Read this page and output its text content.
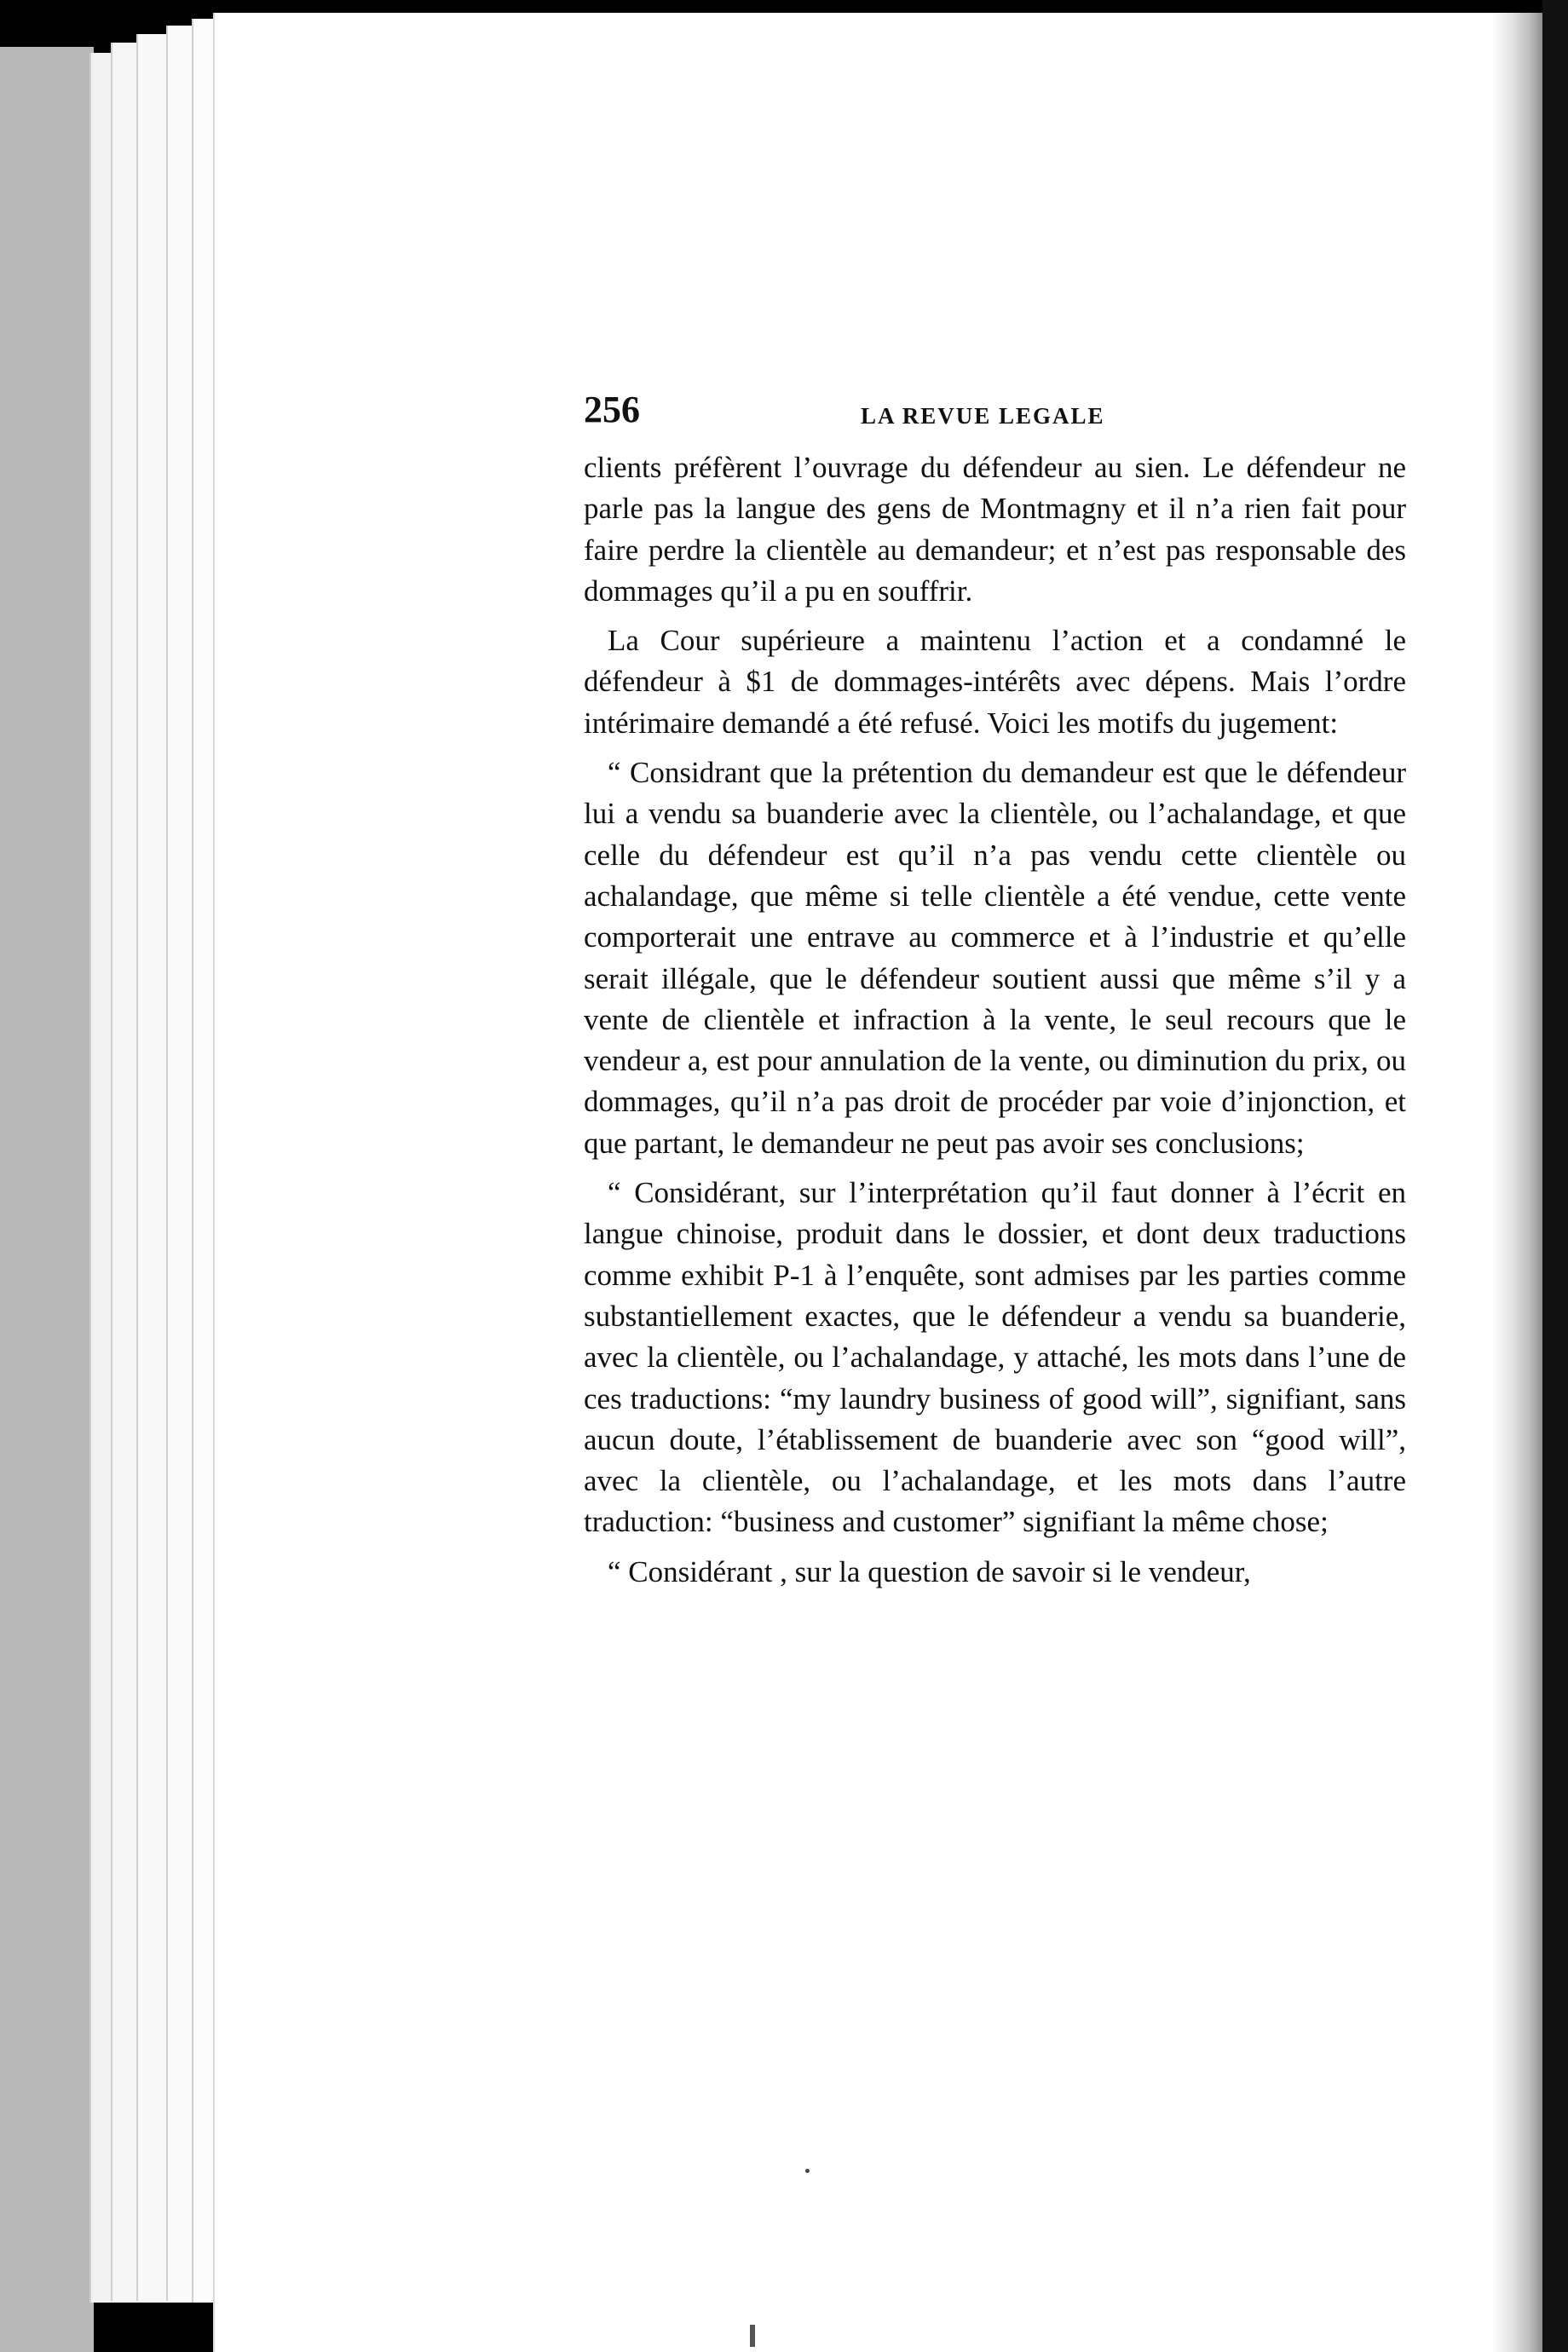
256	LA REVUE LEGALE

clients préfèrent l’ouvrage du défendeur au sien. Le défendeur ne parle pas la langue des gens de Montmagny et il n’a rien fait pour faire perdre la clientèle au demandeur; et n’est pas responsable des dommages qu’il a pu en souffrir.

La Cour supérieure a maintenu l’action et a condamné le défendeur à $1 de dommages-intérêts avec dépens. Mais l’ordre intérimaire demandé a été refusé. Voici les motifs du jugement:

“ Considrant que la prétention du demandeur est que le défendeur lui a vendu sa buanderie avec la clientèle, ou l’achalandage, et que celle du défendeur est qu’il n’a pas vendu cette clientèle ou achalandage, que même si telle clientèle a été vendue, cette vente comporterait une entrave au commerce et à l’industrie et qu’elle serait illégale, que le défendeur soutient aussi que même s’il y a vente de clientèle et infraction à la vente, le seul recours que le vendeur a, est pour annulation de la vente, ou diminution du prix, ou dommages, qu’il n’a pas droit de procéder par voie d’injonction, et que partant, le demandeur ne peut pas avoir ses conclusions;

“ Considérant, sur l’interprétation qu’il faut donner à l’écrit en langue chinoise, produit dans le dossier, et dont deux traductions comme exhibit P-1 à l’enquête, sont admises par les parties comme substantiellement exactes, que le défendeur a vendu sa buanderie, avec la clientèle, ou l’achalandage, y attaché, les mots dans l’une de ces traductions: “my laundry business of good will”, signifiant, sans aucun doute, l’établissement de buanderie avec son “good will”, avec la clientèle, ou l’achalandage, et les mots dans l’autre traduction: “business and customer” signifiant la même chose;

“ Considérant , sur la question de savoir si le vendeur,
